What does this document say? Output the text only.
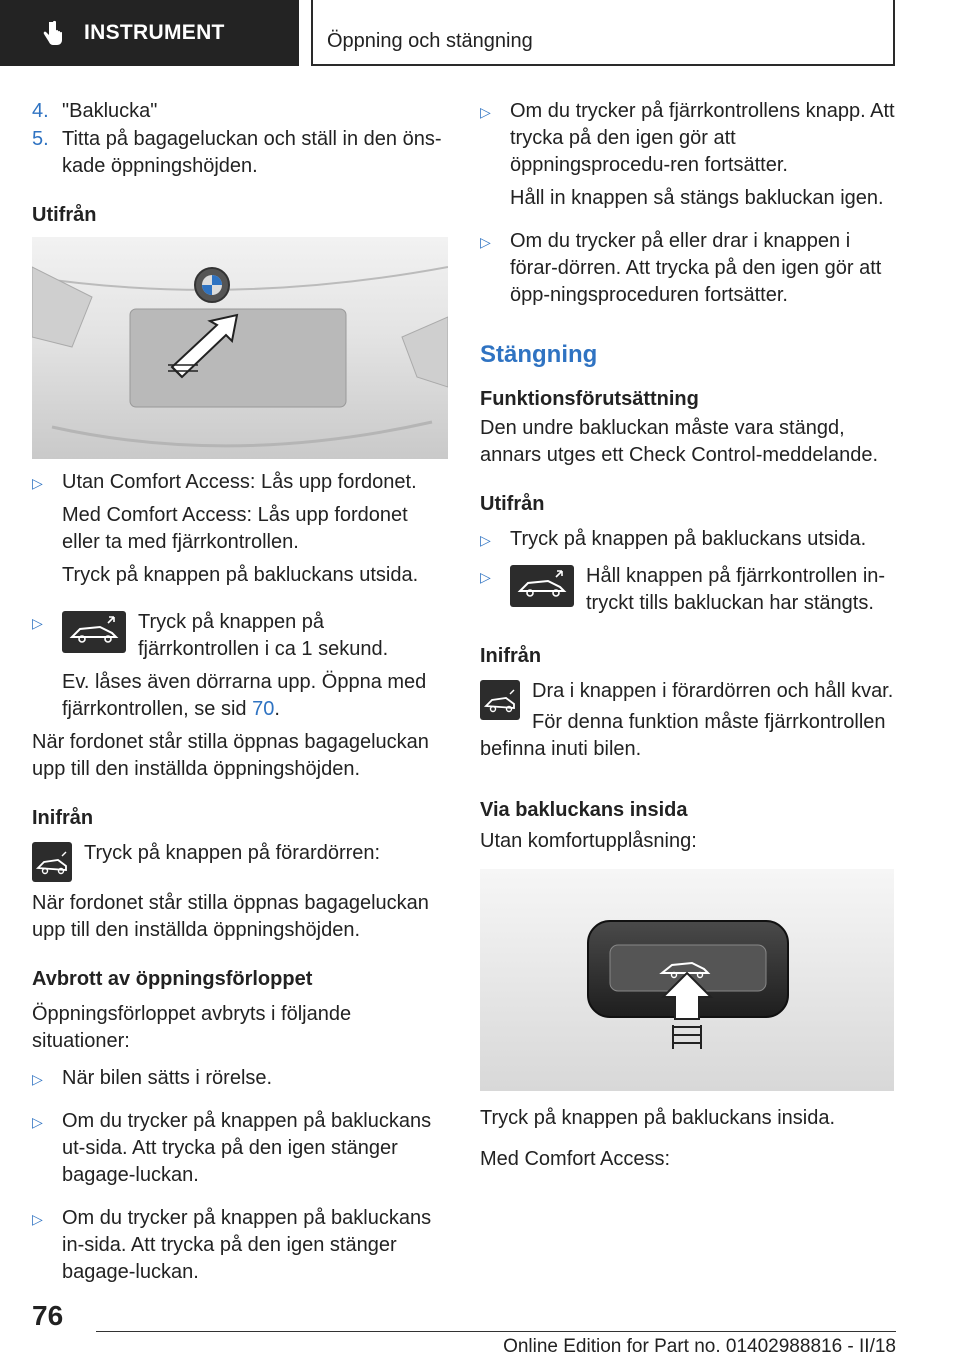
INSTRUMENT	Öppning och stängning
4. "Baklucka"
5. Titta på bagageluckan och ställ in den öns-kade öppningshöjden.
Utifrån
▷ Utan Comfort Access: Lås upp fordonet.

Med Comfort Access: Lås upp fordonet eller ta med fjärrkontrollen.

Tryck på knappen på bakluckans utsida.

▷	Tryck på knappen på fjärrkontrollen i ca 1 sekund.

Ev. låses även dörrarna upp. Öppna med fjärrkontrollen, se sid 70.

När fordonet står stilla öppnas bagageluckan upp till den inställda öppningshöjden.

Inifrån

Tryck på knappen på förardörren:

När fordonet står stilla öppnas bagageluckan upp till den inställda öppningshöjden.

Avbrott av öppningsförloppet

Öppningsförloppet avbryts i följande situationer:

▷ När bilen sätts i rörelse.

▷ Om du trycker på knappen på bakluckans ut-sida. Att trycka på den igen stänger bagage-luckan.

▷ Om du trycker på knappen på bakluckans in-sida. Att trycka på den igen stänger bagage-luckan.

▷ Om du trycker på fjärrkontrollens knapp. Att trycka på den igen gör att öppningsprocedu-ren fortsätter.

Håll in knappen så stängs bakluckan igen.

▷ Om du trycker på eller drar i knappen i förar-dörren. Att trycka på den igen gör att öpp-ningsproceduren fortsätter.

Stängning
Funktionsförutsättning

Den undre bakluckan måste vara stängd, annars utges ett Check Control-meddelande.

Utifrån
▷ Tryck på knappen på bakluckans utsida.

▷	Håll knappen på fjärrkontrollen in-tryckt tills bakluckan har stängts.

Inifrån

Dra i knappen i förardörren och håll kvar.

För denna funktion måste fjärrkontrollen befinna inuti bilen.

Via bakluckans insida

Utan komfortupplåsning:

Tryck på knappen på bakluckans insida.

Med Comfort Access:

76
Online Edition for Part no. 01402988816 - II/18
